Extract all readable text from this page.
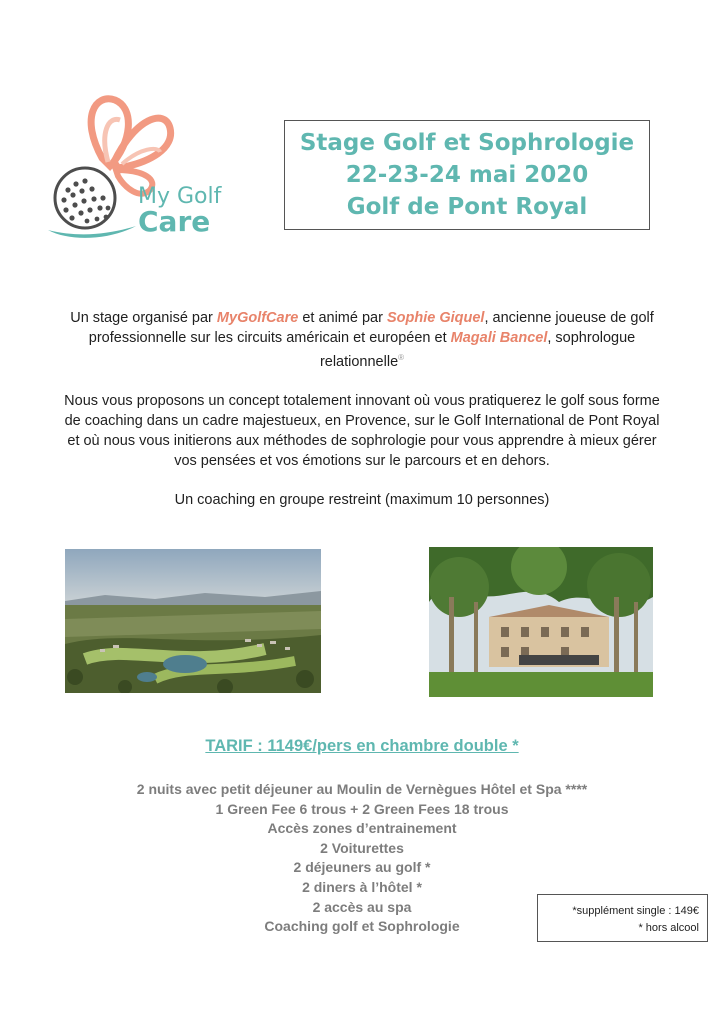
My Golf
Care
Stage Golf et Sophrologie
22-23-24 mai 2020
Golf de Pont Royal

Un stage organisé par MyGolfCare et animé par Sophie Giquel, ancienne joueuse de golf professionnelle sur les circuits américain et européen et Magali Bancel, sophrologue relationnelle®

Nous vous proposons un concept totalement innovant où vous pratiquerez le golf sous forme de coaching dans un cadre majestueux, en Provence, sur le Golf International de Pont Royal et où nous vous initierons aux méthodes de sophrologie pour vous apprendre à mieux gérer vos pensées et vos émotions sur le parcours et en dehors.

Un coaching en groupe restreint (maximum 10 personnes)

TARIF : 1149€/pers en chambre double *
2 nuits avec petit déjeuner au Moulin de Vernègues Hôtel et Spa ****
1 Green Fee 6 trous + 2 Green Fees 18 trous
Accès zones d’entrainement
2 Voiturettes
2 déjeuners au golf *
2 diners à l’hôtel *
2 accès au spa
Coaching golf et Sophrologie
*supplément single : 149€
* hors alcool
